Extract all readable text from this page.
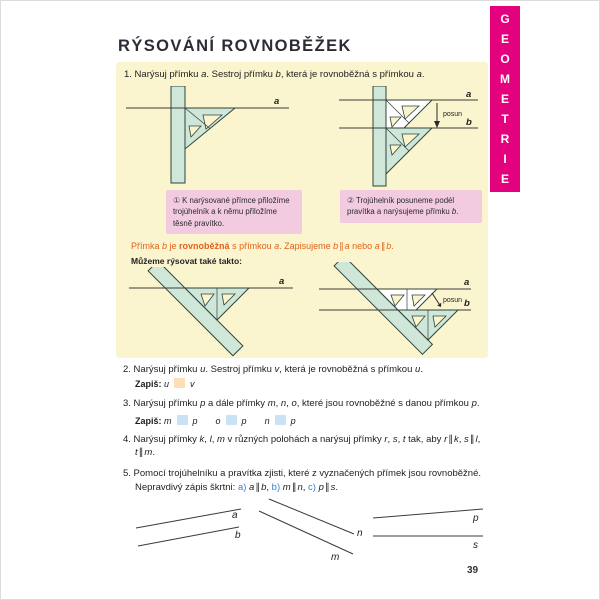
G
E
O
M
E
T
R
I
E
RÝSOVÁNÍ ROVNOBĚŽEK
1. Narýsuj přímku a. Sestroj přímku b, která je rovnoběžná s přímkou a.
a
a
b
posun
① K narýsované přímce přiložíme trojúhelník a k němu přiložíme těsně pravítko.
② Trojúhelník posuneme podél pravítka a narýsujeme přímku b.
Přímka b je rovnoběžná s přímkou a. Zapisujeme b∥a nebo a∥b.
Můžeme rýsovat také takto:
a	a
b
posun
2. Narýsuj přímku u. Sestroj přímku v, která je rovnoběžná s přímkou u.
Zapiš: u v
3. Narýsuj přímku p a dále přímky m, n, o, které jsou rovnoběžné s danou přímkou p.
Zapiš: m p o p n p
4. Narýsuj přímky k, l, m v různých polohách a narýsuj přímky r, s, t tak, aby r∥k, s∥l,
t∥m.
5. Pomocí trojúhelníku a pravítka zjisti, které z vyznačených přímek jsou rovnoběžné.
Nepravdivý zápis škrtni: a) a∥b, b) m∥n, c) p∥s.
a
b	n
m
p
s
39
